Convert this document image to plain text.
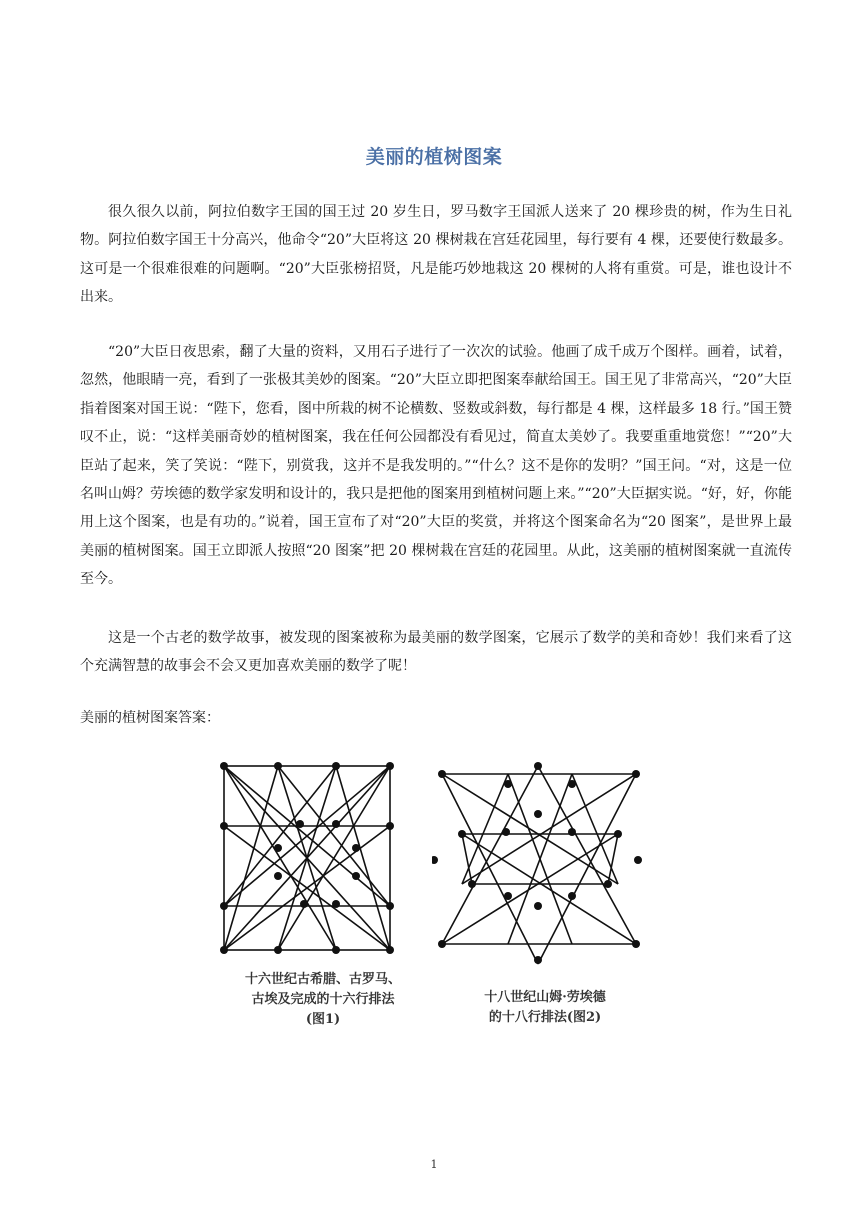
美丽的植树图案

很久很久以前，阿拉伯数字王国的国王过 20 岁生日，罗马数字王国派人送来了 20 棵珍贵的树，作为生日礼物。阿拉伯数字国王十分高兴，他命令“20”大臣将这 20 棵树栽在宫廷花园里，每行要有 4 棵，还要使行数最多。这可是一个很难很难的问题啊。“20”大臣张榜招贤，凡是能巧妙地栽这 20 棵树的人将有重赏。可是，谁也设计不出来。

“20”大臣日夜思索，翻了大量的资料，又用石子进行了一次次的试验。他画了成千成万个图样。画着，试着，忽然，他眼睛一亮，看到了一张极其美妙的图案。“20”大臣立即把图案奉献给国王。国王见了非常高兴，“20”大臣指着图案对国王说：“陛下，您看，图中所栽的树不论横数、竖数或斜数，每行都是 4 棵，这样最多 18 行。”国王赞叹不止，说：“这样美丽奇妙的植树图案，我在任何公园都没有看见过，简直太美妙了。我要重重地赏您！”“20”大臣站了起来，笑了笑说：“陛下，别赏我，这并不是我发明的。”“什么？这不是你的发明？”国王问。“对，这是一位名叫山姆？劳埃德的数学家发明和设计的，我只是把他的图案用到植树问题上来。”“20”大臣据实说。“好，好，你能用上这个图案，也是有功的。”说着，国王宣布了对“20”大臣的奖赏，并将这个图案命名为“20 图案”，是世界上最美丽的植树图案。国王立即派人按照“20 图案”把 20 棵树栽在宫廷的花园里。从此，这美丽的植树图案就一直流传至今。

这是一个古老的数学故事，被发现的图案被称为最美丽的数学图案，它展示了数学的美和奇妙！我们来看了这个充满智慧的故事会不会又更加喜欢美丽的数学了呢！

美丽的植树图案答案：
十六世纪古希腊、古罗马、
古埃及完成的十六行排法
(图1)
十八世纪山姆·劳埃德
的十八行排法(图2)
1
